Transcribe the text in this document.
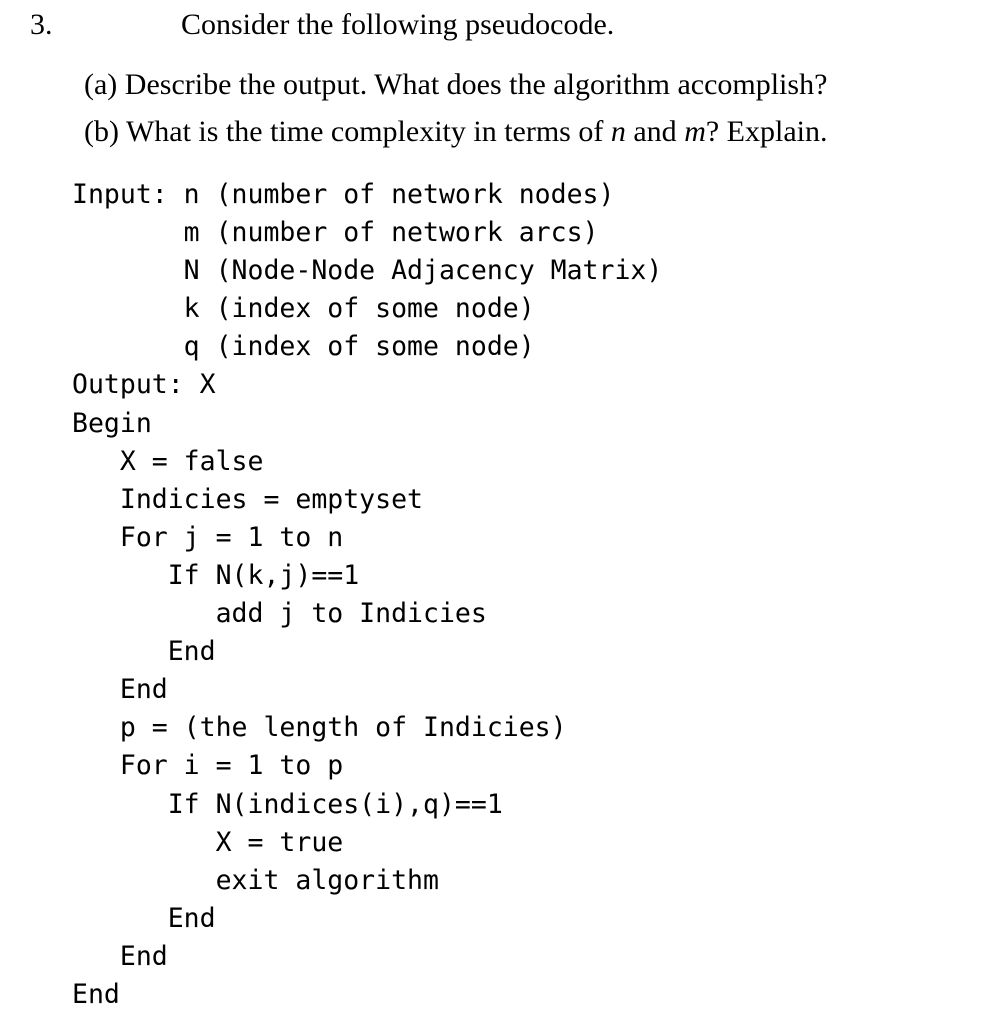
3.	Consider the following pseudocode.
(a) Describe the output. What does the algorithm accomplish?
(b) What is the time complexity in terms of n and m? Explain.
Input: n (number of network nodes)
m (number of network arcs)
N (Node-Node Adjacency Matrix)
k (index of some node)
q (index of some node)
Output: X
Begin
X = false
Indicies = emptyset
For j = 1 to n
If N(k,j)==1
add j to Indicies
End
End
p = (the length of Indicies)
For i = 1 to p
If N(indices(i),q)==1
X = true
exit algorithm
End
End
End
